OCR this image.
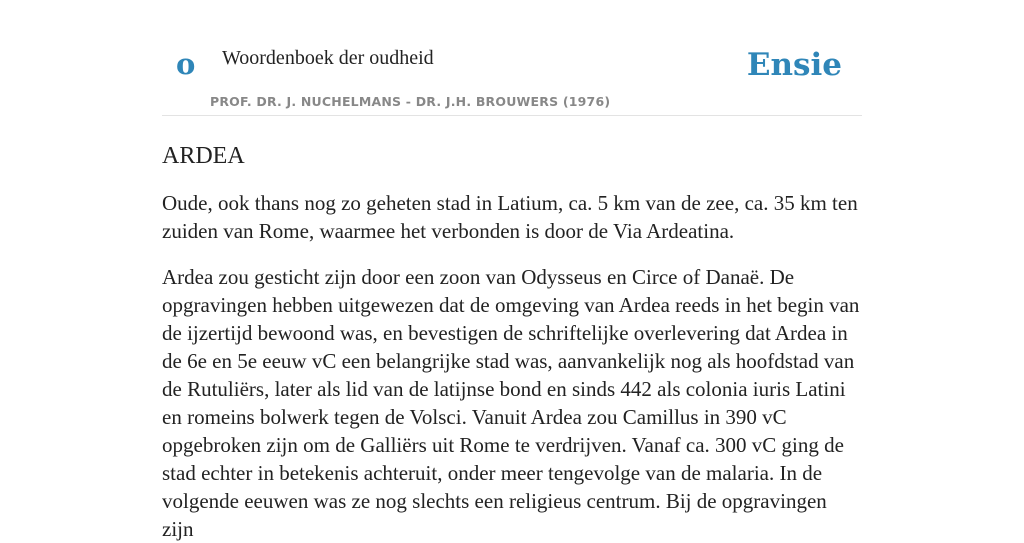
o Woordenboek der oudheid
PROF. DR. J. NUCHELMANS - DR. J.H. BROUWERS (1976)
Ensie
ARDEA

Oude, ook thans nog zo geheten stad in Latium, ca. 5 km van de zee, ca. 35 km ten zuiden van Rome, waarmee het verbonden is door de Via Ardeatina.

Ardea zou gesticht zijn door een zoon van Odysseus en Circe of Danaë. De opgravingen hebben uitgewezen dat de omgeving van Ardea reeds in het begin van de ijzertijd bewoond was, en bevestigen de schriftelijke overlevering dat Ardea in de 6e en 5e eeuw vC een belangrijke stad was, aanvankelijk nog als hoofdstad van de Rutuliërs, later als lid van de latijnse bond en sinds 442 als colonia iuris Latini en romeins bolwerk tegen de Volsci. Vanuit Ardea zou Camillus in 390 vC opgebroken zijn om de Galliërs uit Rome te verdrijven. Vanaf ca. 300 vC ging de stad echter in betekenis achteruit, onder meer tengevolge van de malaria. In de volgende eeuwen was ze nog slechts een religieus centrum. Bij de opgravingen zijn
